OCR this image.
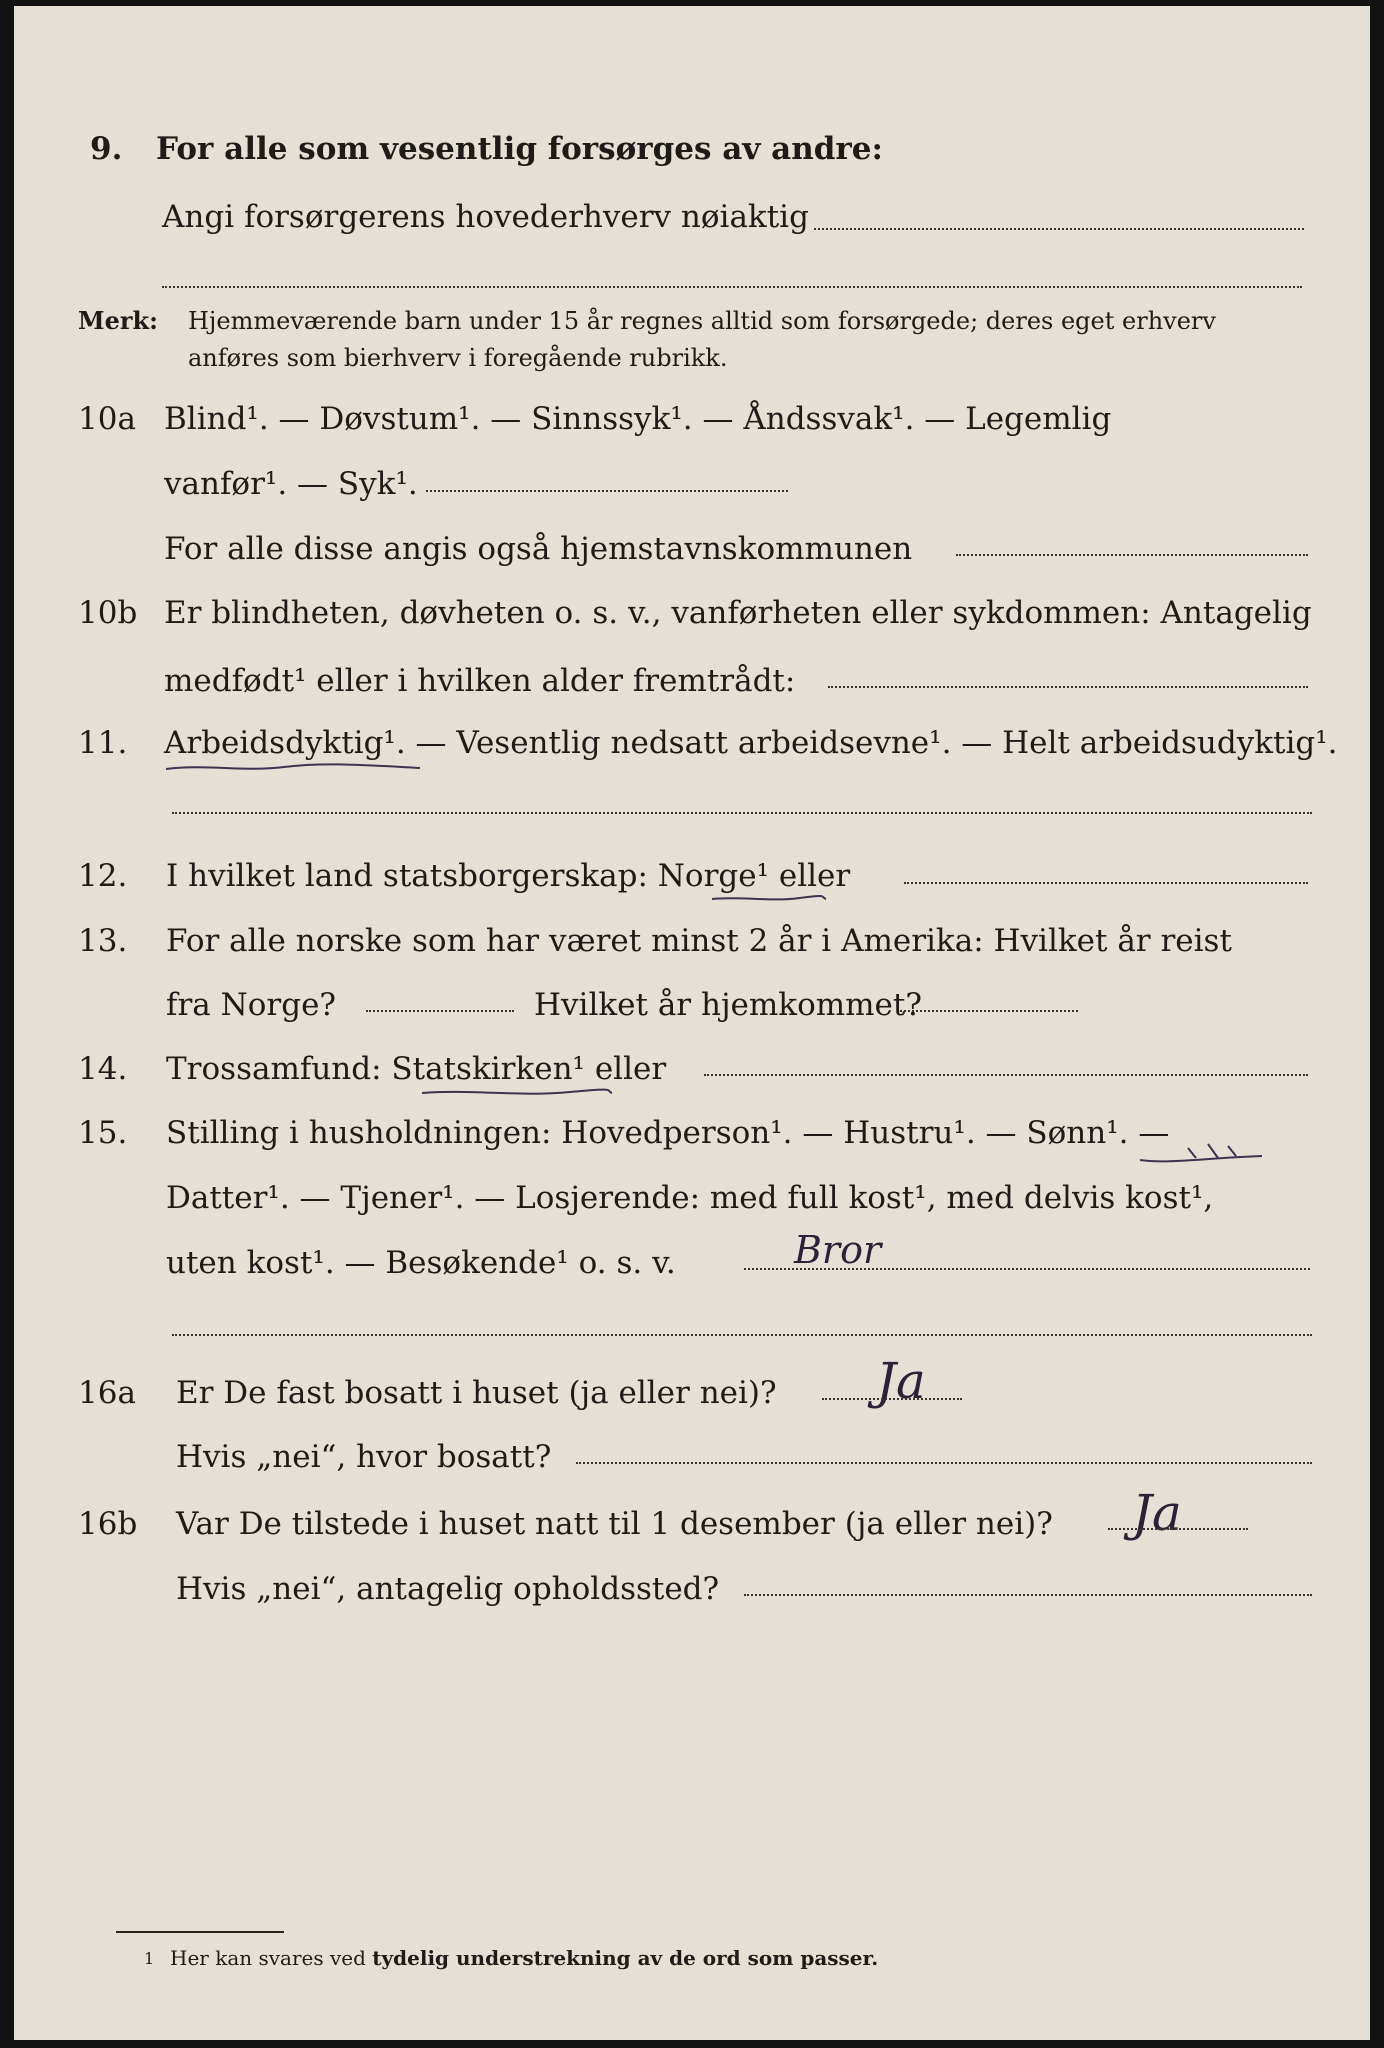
9. For alle som vesentlig forsørges av andre:
Angi forsørgerens hovederhverv nøiaktig
Merk: Hjemmeværende barn under 15 år regnes alltid som forsørgede; deres eget erhverv
anføres som bierhverv i foregående rubrikk.
10a Blind¹. — Døvstum¹. — Sinnssyk¹. — Åndssvak¹. — Legemlig
vanfør¹. — Syk¹.
For alle disse angis også hjemstavnskommunen
10b Er blindheten, døvheten o. s. v., vanførheten eller sykdommen: Antagelig
medfødt¹ eller i hvilken alder fremtrådt:
11. Arbeidsdyktig¹. — Vesentlig nedsatt arbeidsevne¹. — Helt arbeidsudyktig¹.
12. I hvilket land statsborgerskap: Norge¹ eller
13. For alle norske som har været minst 2 år i Amerika: Hvilket år reist
fra Norge?	Hvilket år hjemkommet?
14. Trossamfund: Statskirken¹ eller
15. Stilling i husholdningen: Hovedperson¹. — Hustru¹. — Sønn¹. —
Datter¹. — Tjener¹. — Losjerende: med full kost¹, med delvis kost¹,
uten kost¹. — Besøkende¹ o. s. v.	Bror
16a Er De fast bosatt i huset (ja eller nei)? Ja
Hvis „nei“, hvor bosatt?
16b Var De tilstede i huset natt til 1 desember (ja eller nei)? Ja
Hvis „nei“, antagelig opholdssted?
1 Her kan svares ved tydelig understrekning av de ord som passer.
